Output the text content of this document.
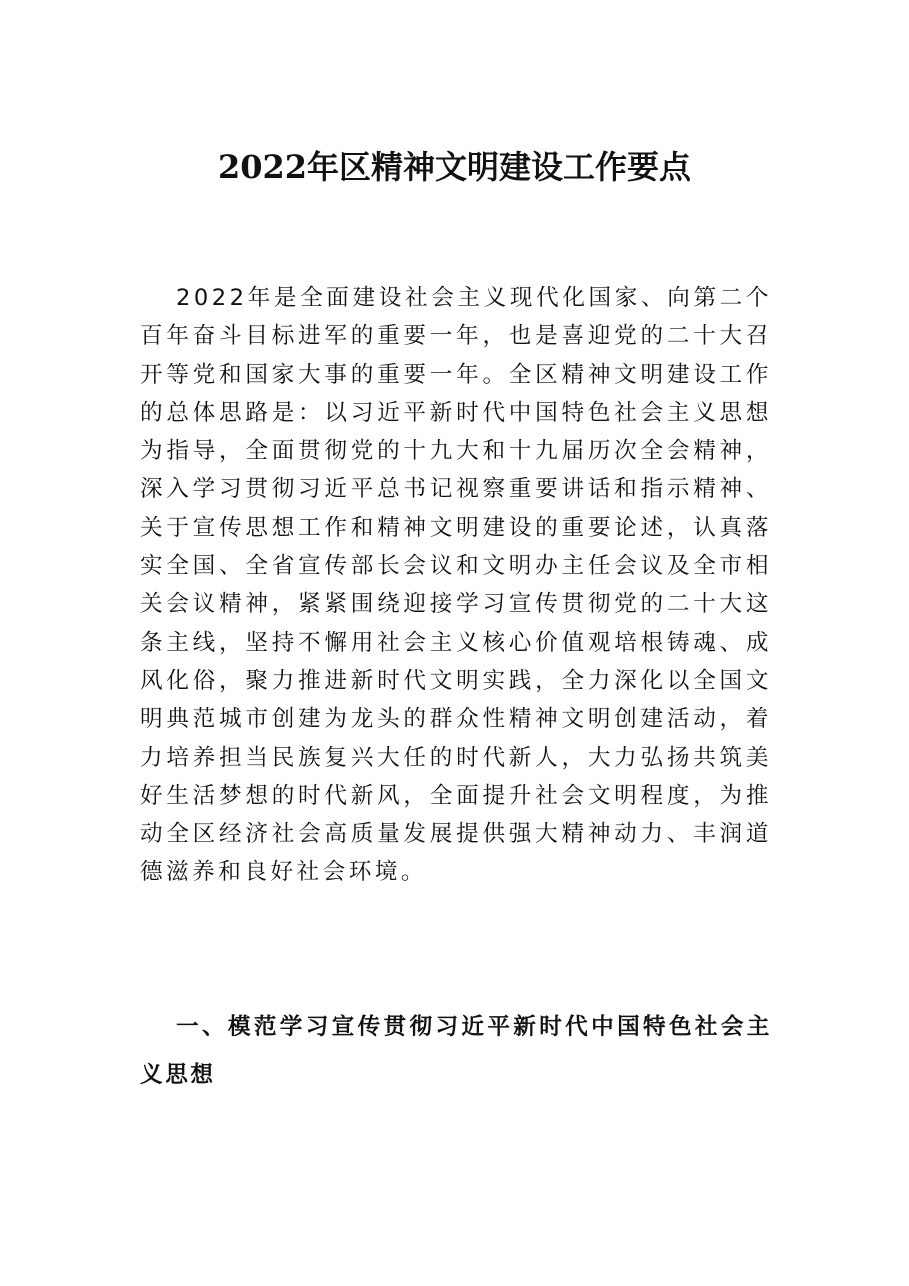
2022年区精神文明建设工作要点

2022年是全面建设社会主义现代化国家、向第二个百年奋斗目标进军的重要一年，也是喜迎党的二十大召开等党和国家大事的重要一年。全区精神文明建设工作的总体思路是：以习近平新时代中国特色社会主义思想为指导，全面贯彻党的十九大和十九届历次全会精神，深入学习贯彻习近平总书记视察重要讲话和指示精神、关于宣传思想工作和精神文明建设的重要论述，认真落实全国、全省宣传部长会议和文明办主任会议及全市相关会议精神，紧紧围绕迎接学习宣传贯彻党的二十大这条主线，坚持不懈用社会主义核心价值观培根铸魂、成风化俗，聚力推进新时代文明实践，全力深化以全国文明典范城市创建为龙头的群众性精神文明创建活动，着力培养担当民族复兴大任的时代新人，大力弘扬共筑美好生活梦想的时代新风，全面提升社会文明程度，为推动全区经济社会高质量发展提供强大精神动力、丰润道德滋养和良好社会环境。

一、模范学习宣传贯彻习近平新时代中国特色社会主义思想
